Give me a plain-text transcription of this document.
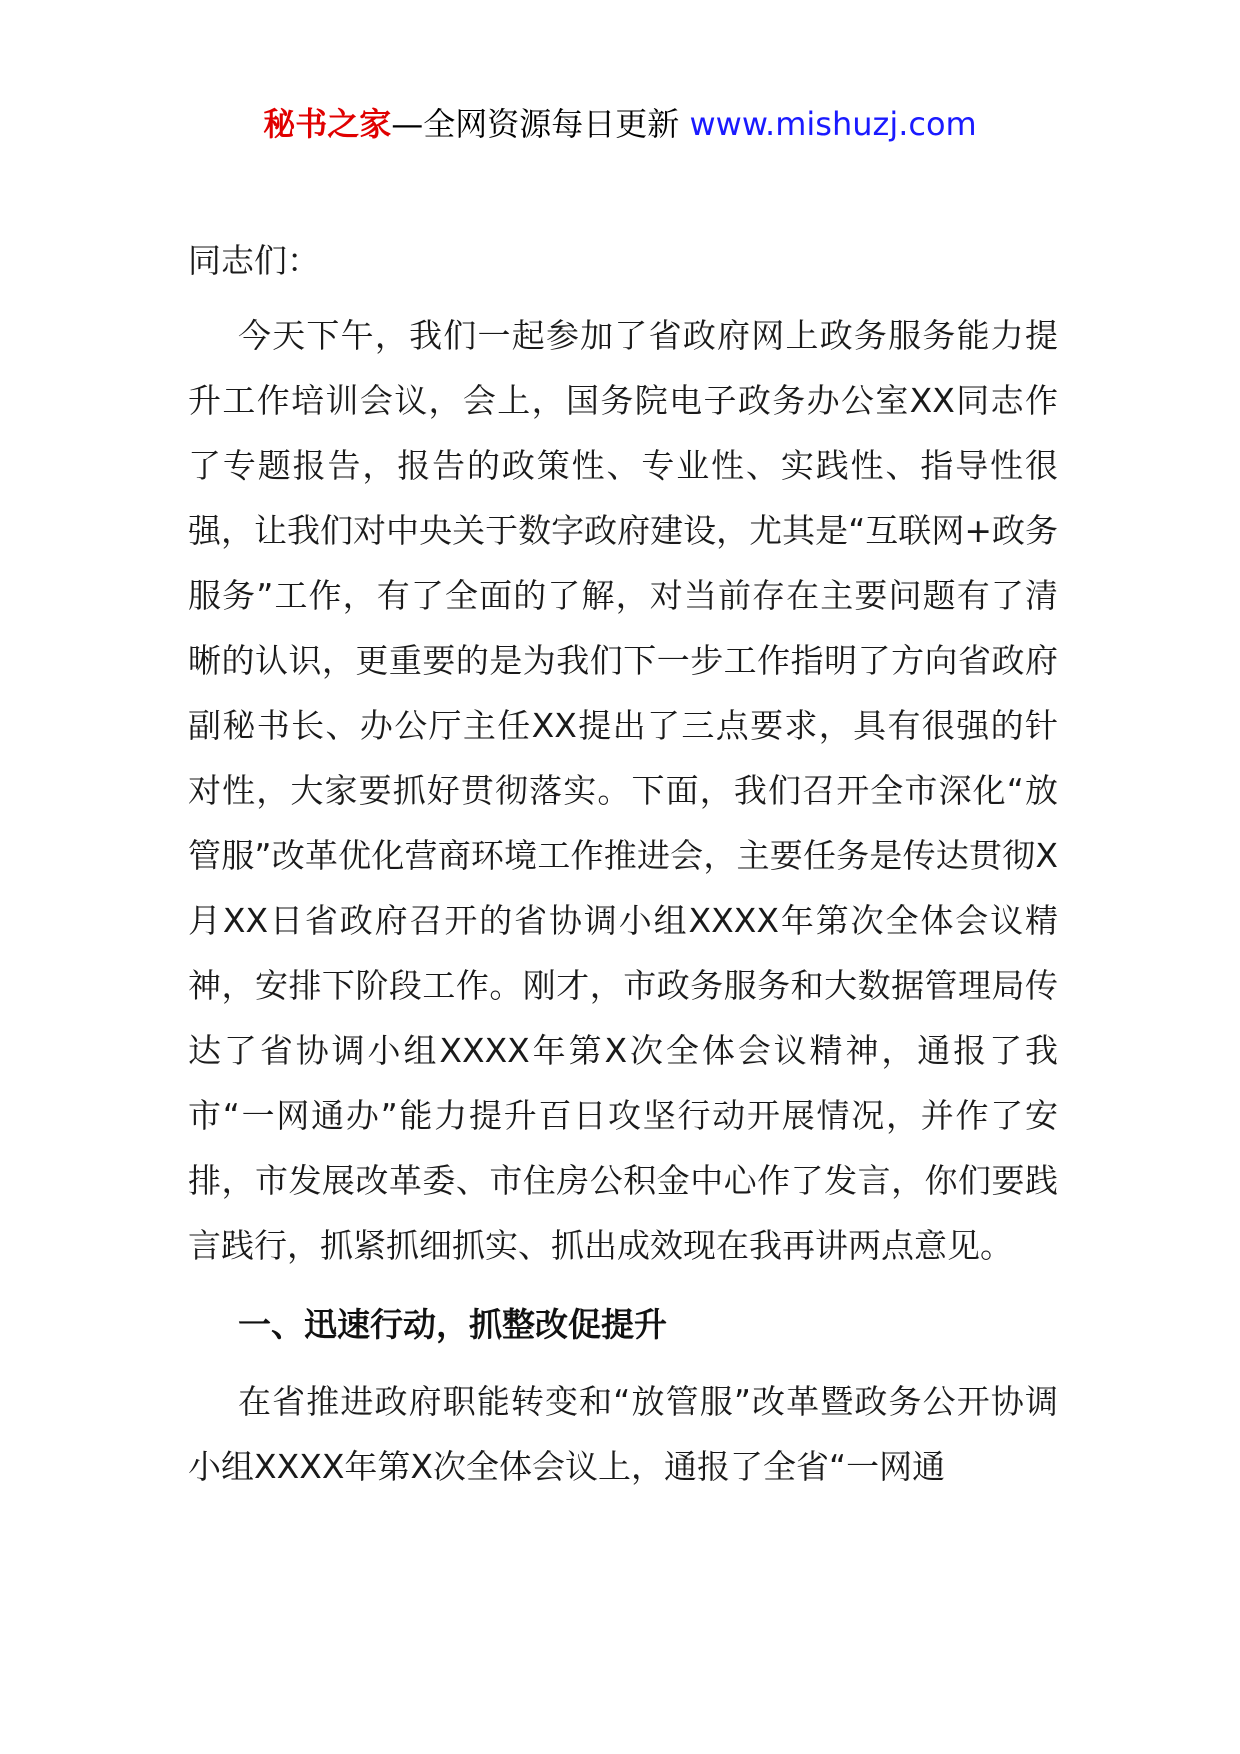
秘书之家—全网资源每日更新 www.mishuzj.com

同志们：

今天下午，我们一起参加了省政府网上政务服务能力提升工作培训会议，会上，国务院电子政务办公室XX同志作了专题报告，报告的政策性、专业性、实践性、指导性很强，让我们对中央关于数字政府建设，尤其是“互联网+政务服务”工作，有了全面的了解，对当前存在主要问题有了清晰的认识，更重要的是为我们下一步工作指明了方向省政府副秘书长、办公厅主任XX提出了三点要求，具有很强的针对性，大家要抓好贯彻落实。下面，我们召开全市深化“放管服”改革优化营商环境工作推进会，主要任务是传达贯彻X月XX日省政府召开的省协调小组XXXX年第次全体会议精神，安排下阶段工作。刚才，市政务服务和大数据管理局传达了省协调小组XXXX年第X次全体会议精神，通报了我市“一网通办”能力提升百日攻坚行动开展情况，并作了安排，市发展改革委、市住房公积金中心作了发言，你们要践言践行，抓紧抓细抓实、抓出成效现在我再讲两点意见。

一、迅速行动，抓整改促提升

在省推进政府职能转变和“放管服”改革暨政务公开协调小组XXXX年第X次全体会议上，通报了全省“一网通
